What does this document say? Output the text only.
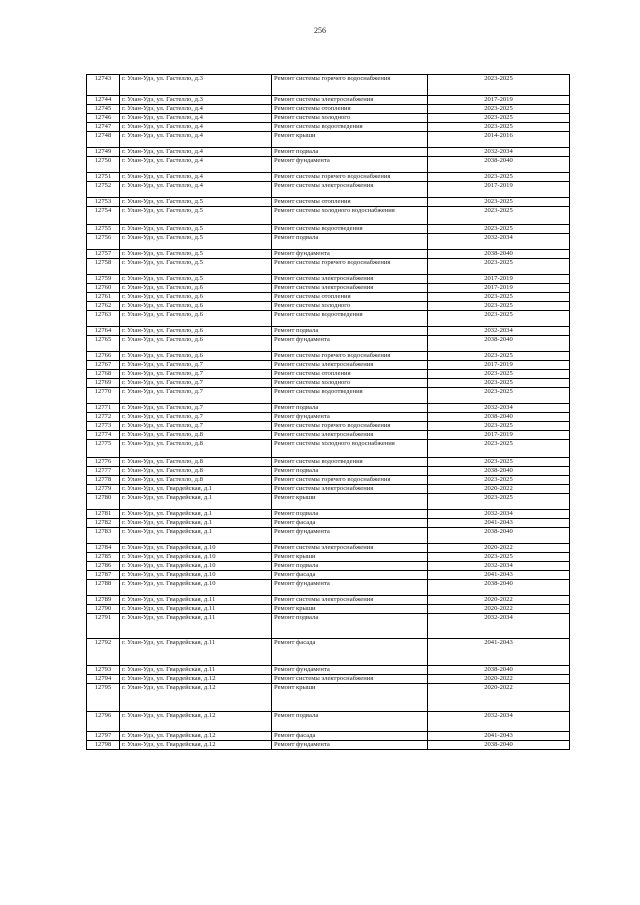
256
12743	г. Улан-Удэ, ул. Гастелло, д.3	Ремонт системы горячего водоснабжения	2023-2025
12744	г. Улан-Удэ, ул. Гастелло, д.3	Ремонт системы электроснабжения	2017-2019
12745	г. Улан-Удэ, ул. Гастелло, д.4	Ремонт системы отопления	2023-2025
12746	г. Улан-Удэ, ул. Гастелло, д.4	Ремонт системы холодного	2023-2025
12747	г. Улан-Удэ, ул. Гастелло, д.4	Ремонт системы водоотведения	2023-2025
12748	г. Улан-Удэ, ул. Гастелло, д.4	Ремонт крыши	2014-2016
12749	г. Улан-Удэ, ул. Гастелло, д.4	Ремонт подвала	2032-2034
12750	г. Улан-Удэ, ул. Гастелло, д.4	Ремонт фундамента	2038-2040
12751	г. Улан-Удэ, ул. Гастелло, д.4	Ремонт системы горячего водоснабжения	2023-2025
12752	г. Улан-Удэ, ул. Гастелло, д.4	Ремонт системы электроснабжения	2017-2019
12753	г. Улан-Удэ, ул. Гастелло, д.5	Ремонт системы отопления	2023-2025
12754	г. Улан-Удэ, ул. Гастелло, д.5	Ремонт системы холодного водоснабжения	2023-2025
12755	г. Улан-Удэ, ул. Гастелло, д.5	Ремонт системы водоотведения	2023-2025
12756	г. Улан-Удэ, ул. Гастелло, д.5	Ремонт подвала	2032-2034
12757	г. Улан-Удэ, ул. Гастелло, д.5	Ремонт фундамента	2038-2040
12758	г. Улан-Удэ, ул. Гастелло, д.5	Ремонт системы горячего водоснабжения	2023-2025
12759	г. Улан-Удэ, ул. Гастелло, д.5	Ремонт системы электроснабжения	2017-2019
12760	г. Улан-Удэ, ул. Гастелло, д.6	Ремонт системы электроснабжения	2017-2019
12761	г. Улан-Удэ, ул. Гастелло, д.6	Ремонт системы отопления	2023-2025
12762	г. Улан-Удэ, ул. Гастелло, д.6	Ремонт системы холодного	2023-2025
12763	г. Улан-Удэ, ул. Гастелло, д.6	Ремонт системы водоотведения	2023-2025
12764	г. Улан-Удэ, ул. Гастелло, д.6	Ремонт подвала	2032-2034
12765	г. Улан-Удэ, ул. Гастелло, д.6	Ремонт фундамента	2038-2040
12766	г. Улан-Удэ, ул. Гастелло, д.6	Ремонт системы горячего водоснабжения	2023-2025
12767	г. Улан-Удэ, ул. Гастелло, д.7	Ремонт системы электроснабжения	2017-2019
12768	г. Улан-Удэ, ул. Гастелло, д.7	Ремонт системы отопления	2023-2025
12769	г. Улан-Удэ, ул. Гастелло, д.7	Ремонт системы холодного	2023-2025
12770	г. Улан-Удэ, ул. Гастелло, д.7	Ремонт системы водоотведения	2023-2025
12771	г. Улан-Удэ, ул. Гастелло, д.7	Ремонт подвала	2032-2034
12772	г. Улан-Удэ, ул. Гастелло, д.7	Ремонт фундамента	2038-2040
12773	г. Улан-Удэ, ул. Гастелло, д.7	Ремонт системы горячего водоснабжения	2023-2025
12774	г. Улан-Удэ, ул. Гастелло, д.8	Ремонт системы электроснабжения	2017-2019
12775	г. Улан-Удэ, ул. Гастелло, д.8	Ремонт системы холодного водоснабжения	2023-2025
12776	г. Улан-Удэ, ул. Гастелло, д.8	Ремонт системы водоотведения	2023-2025
12777	г. Улан-Удэ, ул. Гастелло, д.8	Ремонт подвала	2038-2040
12778	г. Улан-Удэ, ул. Гастелло, д.8	Ремонт системы горячего водоснабжения	2023-2025
12779	г. Улан-Удэ, ул. Гвардейская, д.1	Ремонт системы электроснабжения	2020-2022
12780	г. Улан-Удэ, ул. Гвардейская, д.1	Ремонт крыши	2023-2025
12781	г. Улан-Удэ, ул. Гвардейская, д.1	Ремонт подвала	2032-2034
12782	г. Улан-Удэ, ул. Гвардейская, д.1	Ремонт фасада	2041-2043
12783	г. Улан-Удэ, ул. Гвардейская, д.1	Ремонт фундамента	2038-2040
12784	г. Улан-Удэ, ул. Гвардейская, д.10	Ремонт системы электроснабжения	2020-2022
12785	г. Улан-Удэ, ул. Гвардейская, д.10	Ремонт крыши	2023-2025
12786	г. Улан-Удэ, ул. Гвардейская, д.10	Ремонт подвала	2032-2034
12787	г. Улан-Удэ, ул. Гвардейская, д.10	Ремонт фасада	2041-2043
12788	г. Улан-Удэ, ул. Гвардейская, д.10	Ремонт фундамента	2038-2040
12789	г. Улан-Удэ, ул. Гвардейская, д.11	Ремонт системы электроснабжения	2020-2022
12790	г. Улан-Удэ, ул. Гвардейская, д.11	Ремонт крыши	2020-2022
12791	г. Улан-Удэ, ул. Гвардейская, д.11	Ремонт подвала	2032-2034
12792	г. Улан-Удэ, ул. Гвардейская, д.11	Ремонт фасада	2041-2043
12793	г. Улан-Удэ, ул. Гвардейская, д.11	Ремонт фундамента	2038-2040
12794	г. Улан-Удэ, ул. Гвардейская, д.12	Ремонт системы электроснабжения	2020-2022
12795	г. Улан-Удэ, ул. Гвардейская, д.12	Ремонт крыши	2020-2022
12796	г. Улан-Удэ, ул. Гвардейская, д.12	Ремонт подвала	2032-2034
12797	г. Улан-Удэ, ул. Гвардейская, д.12	Ремонт фасада	2041-2043
12798	г. Улан-Удэ, ул. Гвардейская, д.12	Ремонт фундамента	2038-2040
